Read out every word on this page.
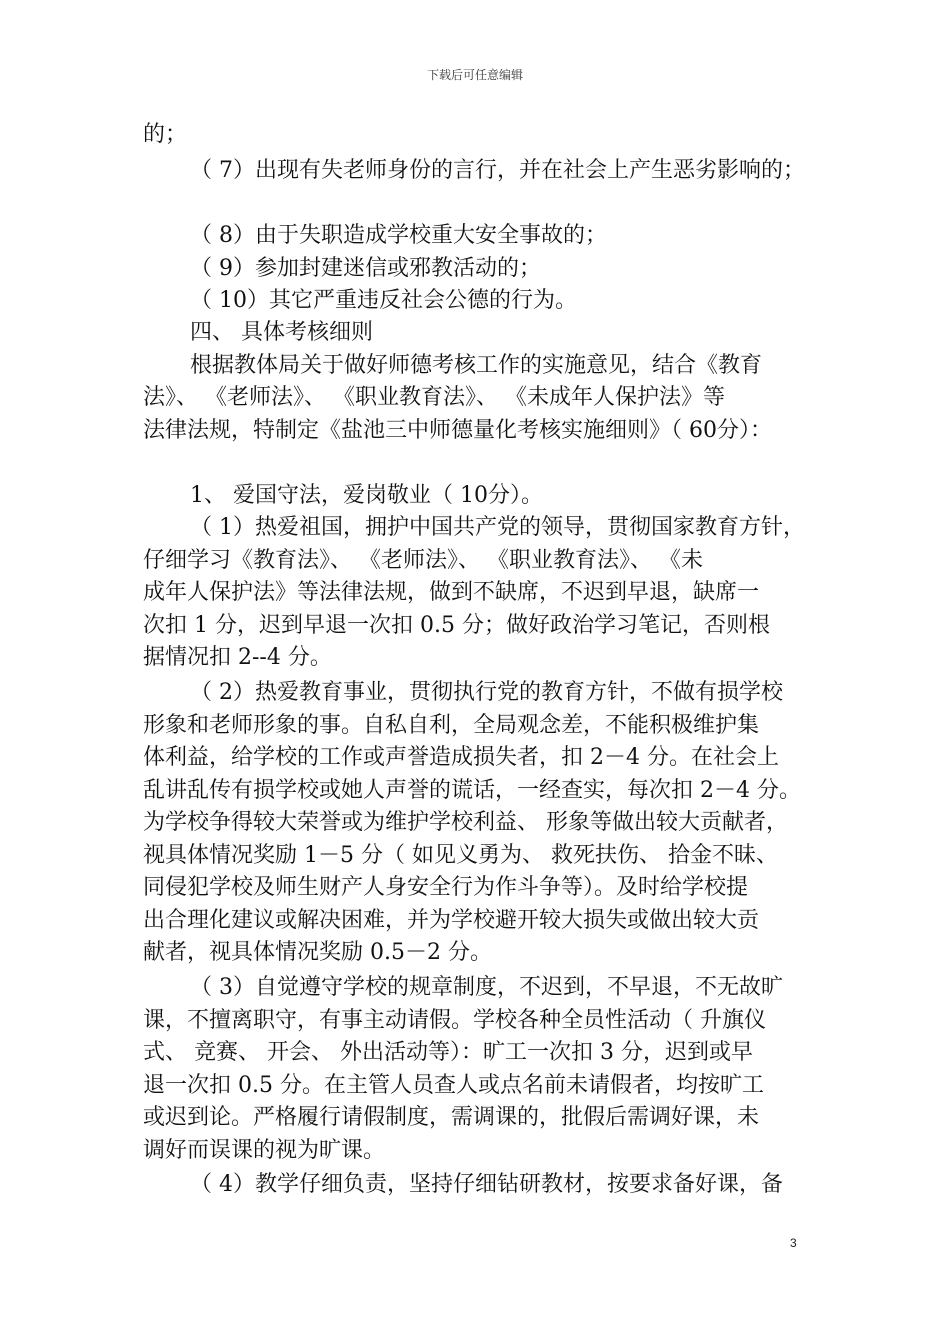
下载后可任意编辑
的；
（ 7）出现有失老师身份的言行，并在社会上产生恶劣影响的；
（ 8）由于失职造成学校重大安全事故的；
（ 9）参加封建迷信或邪教活动的；
（ 10）其它严重违反社会公德的行为。
四、 具体考核细则
根据教体局关于做好师德考核工作的实施意见，结合《教育
法》、 《老师法》、 《职业教育法》、 《未成年人保护法》等
法律法规，特制定《盐池三中师德量化考核实施细则》（ 60分）：
1、 爱国守法，爱岗敬业（ 10分）。
（ 1）热爱祖国，拥护中国共产党的领导，贯彻国家教育方针，
仔细学习《教育法》、 《老师法》、 《职业教育法》、 《未
成年人保护法》等法律法规，做到不缺席，不迟到早退，缺席一
次扣 1 分，迟到早退一次扣 0.5 分；做好政治学习笔记，否则根
据情况扣 2--4 分。
（ 2）热爱教育事业，贯彻执行党的教育方针，不做有损学校
形象和老师形象的事。自私自利，全局观念差，不能积极维护集
体利益，给学校的工作或声誉造成损失者，扣 2－4 分。在社会上
乱讲乱传有损学校或她人声誉的谎话，一经查实，每次扣 2－4 分。
为学校争得较大荣誉或为维护学校利益、 形象等做出较大贡献者，
视具体情况奖励 1－5 分（ 如见义勇为、 救死扶伤、 拾金不昧、
同侵犯学校及师生财产人身安全行为作斗争等）。及时给学校提
出合理化建议或解决困难，并为学校避开较大损失或做出较大贡
献者，视具体情况奖励 0.5－2 分。
（ 3）自觉遵守学校的规章制度，不迟到，不早退，不无故旷
课，不擅离职守，有事主动请假。学校各种全员性活动（ 升旗仪
式、 竞赛、 开会、 外出活动等）：旷工一次扣 3 分，迟到或早
退一次扣 0.5 分。在主管人员查人或点名前未请假者，均按旷工
或迟到论。严格履行请假制度，需调课的，批假后需调好课，未
调好而误课的视为旷课。
（ 4）教学仔细负责，坚持仔细钻研教材，按要求备好课，备
3
